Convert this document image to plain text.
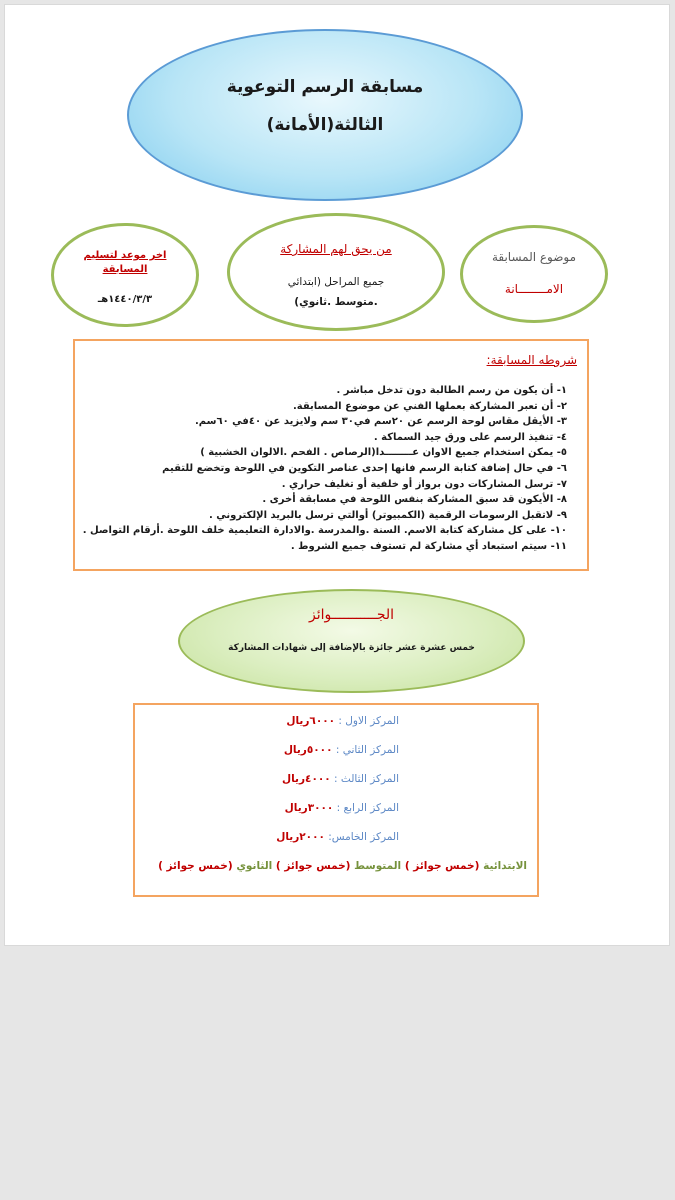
مسابقة الرسم التوعوية
الثالثة(الأمانة)
موضوع المسابقة
الامــــــــانة
من يحق لهم المشاركة
جميع المراحل (ابتدائي
.متوسط .ثانوي)
اخر موعد لتسليم
المسابقة
١٤٤٠/٣/٣هـ
شروطه المسابقة:
١- أن يكون من رسم الطالبة دون تدخل مباشر .
٢- أن تعبر المشاركة بعملها الفني عن موضوع المسابقة.
٣- الأيقل مقاس لوحة الرسم عن ٢٠سم في٣٠ سم ولايزيد عن ٤٠في ٦٠سم.
٤- تنفيذ الرسم على ورق جيد السماكة .
٥- يمكن استخدام جميع الاوان عــــــــدا(الرصاص . الفحم .الالوان الخشبية )
٦- في حال إضافة كتابة الرسم فانها إحدى عناصر التكوين في اللوحة وتخضع للتقيم
٧- ترسل المشاركات دون برواز أو خلفية أو تغليف حراري .
٨- الأيكون قد سبق المشاركة بنفس اللوحة في مسابقة أخرى .
٩- لاتقبل الرسومات الرقمية (الكمبيوتر) أوالتي ترسل بالبريد الإلكتروني .
١٠- على كل مشاركة كتابة الاسم. السنة .والمدرسة .والادارة التعليمية خلف اللوحة .أرقام التواصل .
١١- سيتم استبعاد أي مشاركة لم تستوف جميع الشروط .
الجـــــــــــوائز
خمس عشرة عشر جائزة بالإضافة إلى شهادات المشاركة
المركز الاول : ٦٠٠٠ريال
المركز الثاني : ٥٠٠٠ريال
المركز الثالث : ٤٠٠٠ريال
المركز الرابع : ٣٠٠٠ريال
المركز الخامس: ٢٠٠٠ريال
الابتدائية (خمس جوائز ) المتوسط (خمس جوائز ) الثانوي (خمس جوائز )
